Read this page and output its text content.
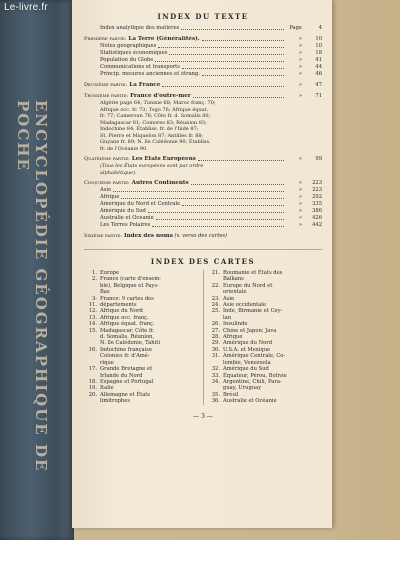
ENCYCLOPÉDIE GÉOGRAPHIQUE DE POCHE
INDEX DU TEXTE
Index analytique des matières	Page	4
Première partie: La Terre (Généralités).	»	10
Notes géographiques	»	10
Statistiques économiques	»	18
Population du Globe	»	41
Communications et transports	»	44
Princip. mesures anciennes et étrang.	»	46
Deuxième partie: La France	»	47
Troisième partie: France d'outre-mer	»	71
Algérie page 64; Tunisie 68; Maroc franç. 70;
Afrique occ. fr. 73; Togo 76; Afrique équat.
fr. 77; Cameroun 78; Côte fr. d. Somalis 80;
Madagascar 81; Comores 83; Réunion 83;
Indochine 84; Établiss. fr. de l'Inde 87;
St. Pierre et Miquelon 87; Antilles fr. 88;
Guyane fr. 89; N. lle Calédonie 90; Établiss.
fr. de l'Océanie 90.
Quatrième partie: Les États Européens	»	99
(Tous les États européens sont par ordre
alphabétique).
Cinquième partie: Autres Continents	»	223
Asie	»	223
Afrique	»	292
Amérique du Nord et Centrale	»	335
Amérique du Sud	»	386
Australie et Océanie	»	426
Les Terres Polaires	»	442
Sixième partie: Index des noms (v. verso des cartes)
INDEX DES CARTES
1. Europe
2. France (carte d'ensem-
ble), Belgique et Pays-
Bas
3-11.
France: 9 cartes des
départements
12. Afrique du Nord
13. Afrique occ. franç.
14. Afrique équat. franç.
15. Madagascar, Côte fr.
d. Somalis, Réunion,
N. lle Calédonie, Tahiti
16. Indochine française
Colonies fr. d'Amé-
rique
17. Grande Bretagne et
Irlande du Nord
18. Espagne et Portugal
19. Italie
20. Allemagne et États
limitrophes
21. Roumanie et États des
Balkans
22. Europe du Nord et
orientale
23. Asie
24. Asie occidentale
25. Inde, Birmanie et Cey-
lan
26. Insulinde
27. Chine et Japon; Java
28. Afrique
29. Amérique du Nord
30. U.S.A. et Mexique
31. Amérique Centrale, Co-
lombie, Venezuela
32. Amérique du Sud
33. Équateur, Pérou, Bolivie
34. Argentine, Chili, Para-
guay, Uruguay
35. Brésil
36. Australie et Océanie
— 3 —
Le-livre.fr
